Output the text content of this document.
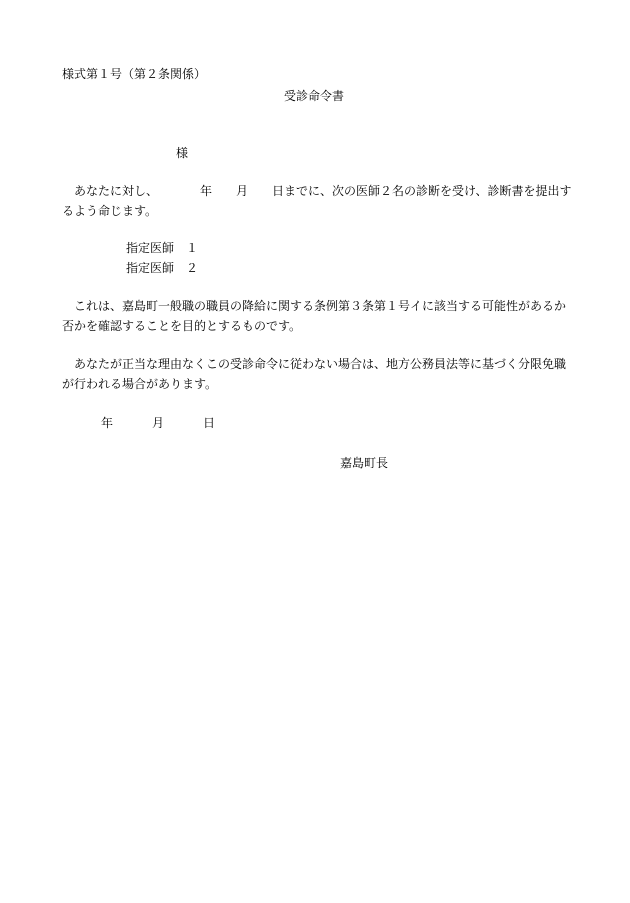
様式第１号（第２条関係）
受診命令書
様
あなたに対し、　　　　年　　月　　日までに、次の医師２名の診断を受け、診断書を提出するよう命じます。
指定医師　１
指定医師　２
これは、嘉島町一般職の職員の降給に関する条例第３条第１号イに該当する可能性があるか否かを確認することを目的とするものです。
あなたが正当な理由なくこの受診命令に従わない場合は、地方公務員法等に基づく分限免職が行われる場合があります。
年	月	日
嘉島町長
